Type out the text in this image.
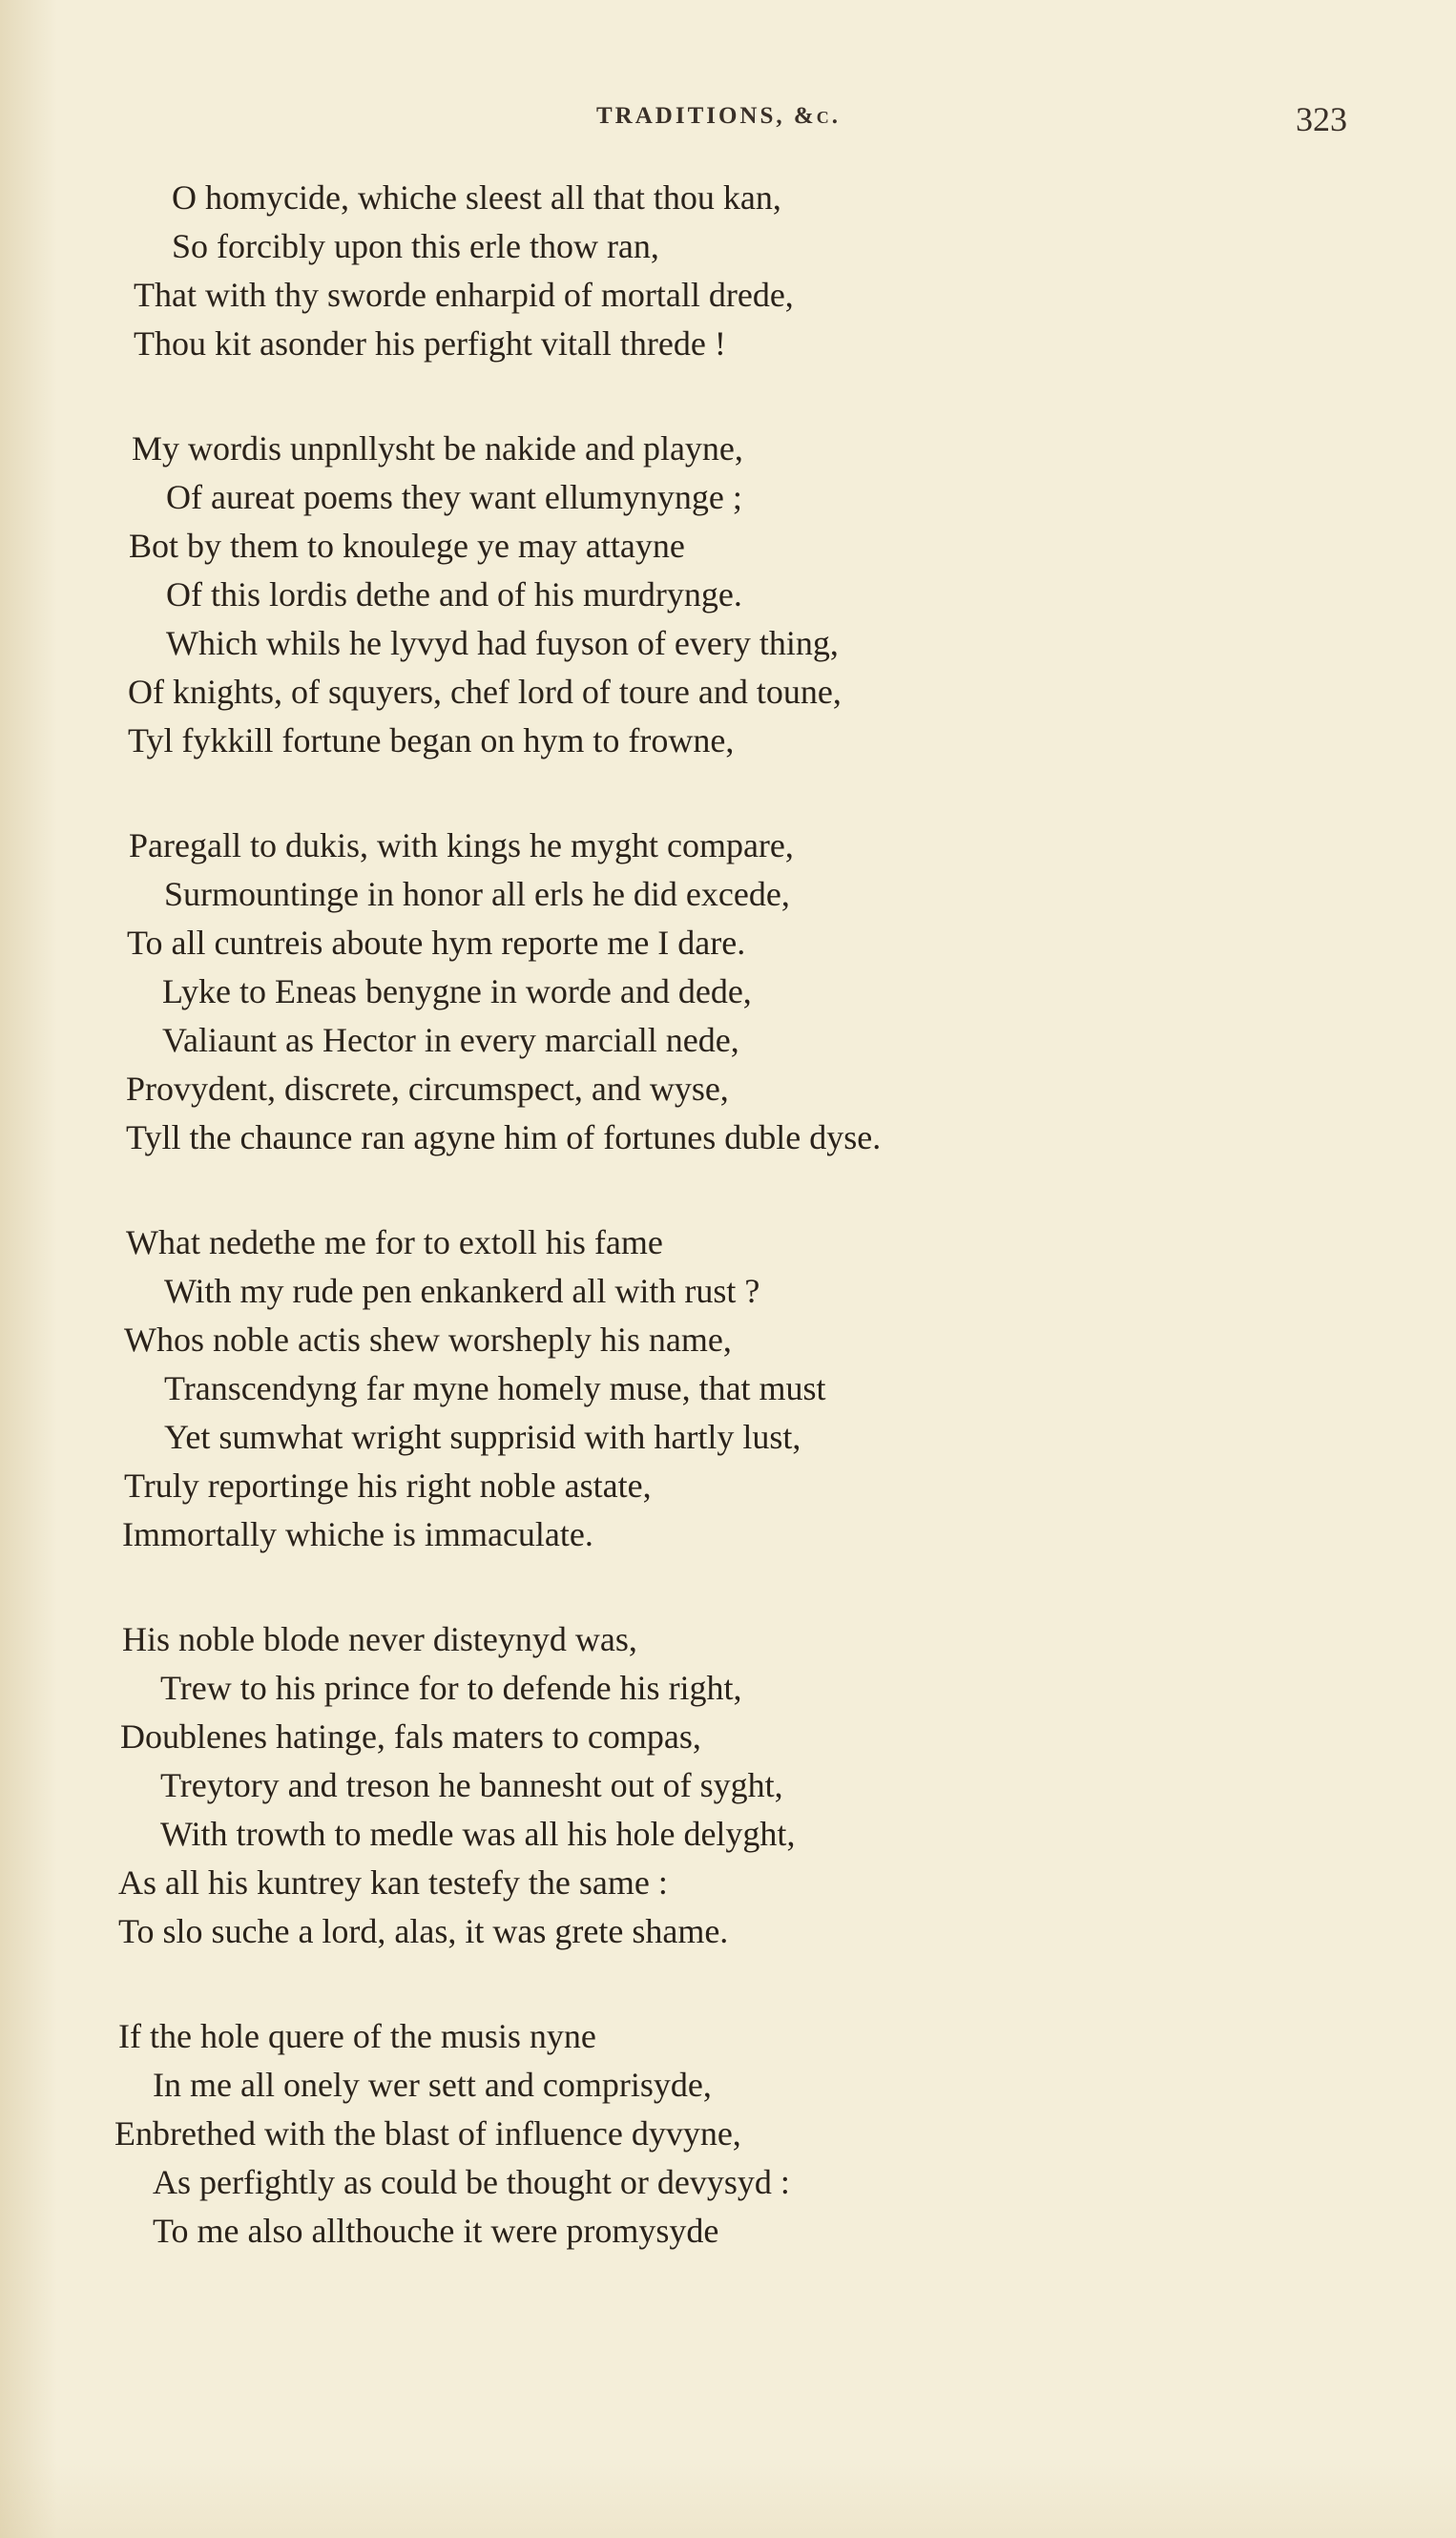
TRADITIONS, &c.	323
O homycide, whiche sleest all that thou kan,
So forcibly upon this erle thow ran,
That with thy sworde enharpid of mortall drede,
Thou kit asonder his perfight vitall threde !
My wordis unpnllysht be nakide and playne,
Of aureat poems they want ellumynynge ;
Bot by them to knoulege ye may attayne
Of this lordis dethe and of his murdrynge.
Which whils he lyvyd had fuyson of every thing,
Of knights, of squyers, chef lord of toure and toune,
Tyl fykkill fortune began on hym to frowne,
Paregall to dukis, with kings he myght compare,
Surmountinge in honor all erls he did excede,
To all cuntreis aboute hym reporte me I dare.
Lyke to Eneas benygne in worde and dede,
Valiaunt as Hector in every marciall nede,
Provydent, discrete, circumspect, and wyse,
Tyll the chaunce ran agyne him of fortunes duble dyse.
What nedethe me for to extoll his fame
With my rude pen enkankerd all with rust ?
Whos noble actis shew worsheply his name,
Transcendyng far myne homely muse, that must
Yet sumwhat wright supprisid with hartly lust,
Truly reportinge his right noble astate,
Immortally whiche is immaculate.
His noble blode never disteynyd was,
Trew to his prince for to defende his right,
Doublenes hatinge, fals maters to compas,
Treytory and treson he bannesht out of syght,
With trowth to medle was all his hole delyght,
As all his kuntrey kan testefy the same :
To slo suche a lord, alas, it was grete shame.
If the hole quere of the musis nyne
In me all onely wer sett and comprisyde,
Enbrethed with the blast of influence dyvyne,
As perfightly as could be thought or devysyd :
To me also allthouche it were promysyde
